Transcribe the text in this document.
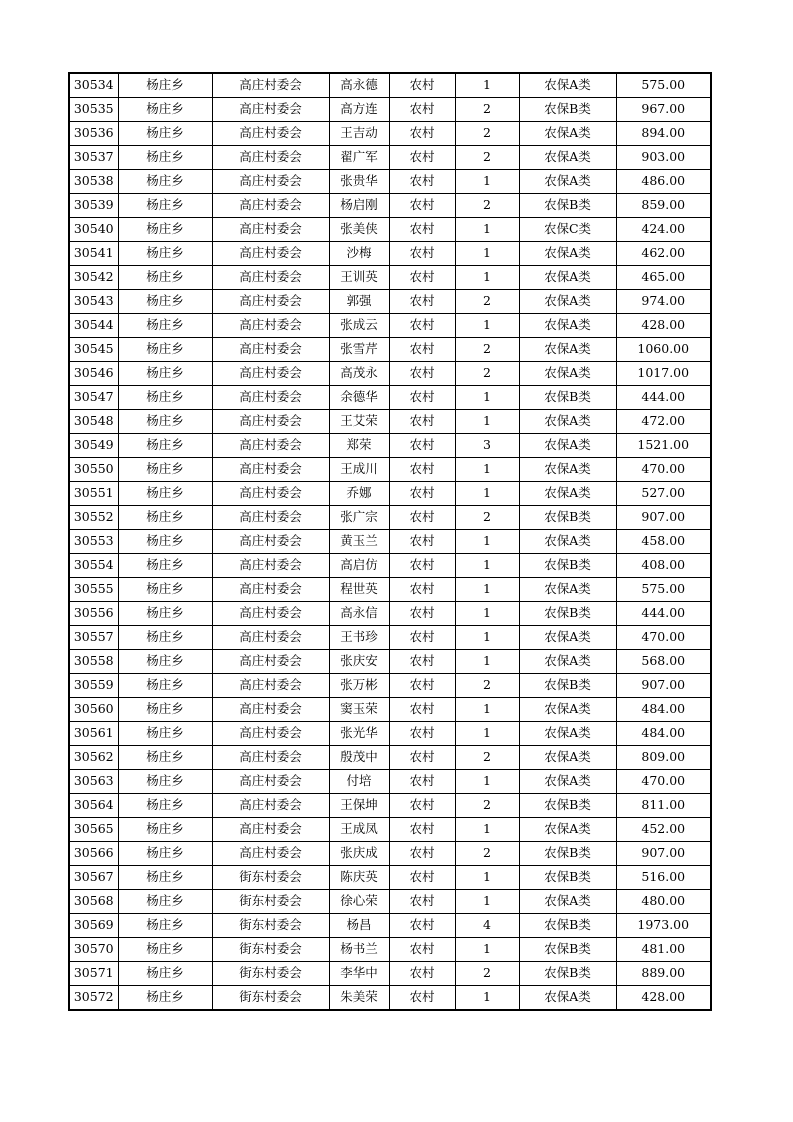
30534	杨庄乡	高庄村委会	高永德	农村	1	农保A类	575.00
30535	杨庄乡	高庄村委会	高方连	农村	2	农保B类	967.00
30536	杨庄乡	高庄村委会	王吉动	农村	2	农保A类	894.00
30537	杨庄乡	高庄村委会	翟广军	农村	2	农保A类	903.00
30538	杨庄乡	高庄村委会	张贵华	农村	1	农保A类	486.00
30539	杨庄乡	高庄村委会	杨启刚	农村	2	农保B类	859.00
30540	杨庄乡	高庄村委会	张美侠	农村	1	农保C类	424.00
30541	杨庄乡	高庄村委会	沙梅	农村	1	农保A类	462.00
30542	杨庄乡	高庄村委会	王训英	农村	1	农保A类	465.00
30543	杨庄乡	高庄村委会	郭强	农村	2	农保A类	974.00
30544	杨庄乡	高庄村委会	张成云	农村	1	农保A类	428.00
30545	杨庄乡	高庄村委会	张雪芹	农村	2	农保A类	1060.00
30546	杨庄乡	高庄村委会	高茂永	农村	2	农保A类	1017.00
30547	杨庄乡	高庄村委会	余德华	农村	1	农保B类	444.00
30548	杨庄乡	高庄村委会	王艾荣	农村	1	农保A类	472.00
30549	杨庄乡	高庄村委会	郑荣	农村	3	农保A类	1521.00
30550	杨庄乡	高庄村委会	王成川	农村	1	农保A类	470.00
30551	杨庄乡	高庄村委会	乔娜	农村	1	农保A类	527.00
30552	杨庄乡	高庄村委会	张广宗	农村	2	农保B类	907.00
30553	杨庄乡	高庄村委会	黄玉兰	农村	1	农保A类	458.00
30554	杨庄乡	高庄村委会	高启仿	农村	1	农保B类	408.00
30555	杨庄乡	高庄村委会	程世英	农村	1	农保A类	575.00
30556	杨庄乡	高庄村委会	高永信	农村	1	农保B类	444.00
30557	杨庄乡	高庄村委会	王书珍	农村	1	农保A类	470.00
30558	杨庄乡	高庄村委会	张庆安	农村	1	农保A类	568.00
30559	杨庄乡	高庄村委会	张万彬	农村	2	农保B类	907.00
30560	杨庄乡	高庄村委会	窦玉荣	农村	1	农保A类	484.00
30561	杨庄乡	高庄村委会	张光华	农村	1	农保A类	484.00
30562	杨庄乡	高庄村委会	殷茂中	农村	2	农保A类	809.00
30563	杨庄乡	高庄村委会	付培	农村	1	农保A类	470.00
30564	杨庄乡	高庄村委会	王保坤	农村	2	农保B类	811.00
30565	杨庄乡	高庄村委会	王成凤	农村	1	农保A类	452.00
30566	杨庄乡	高庄村委会	张庆成	农村	2	农保B类	907.00
30567	杨庄乡	街东村委会	陈庆英	农村	1	农保B类	516.00
30568	杨庄乡	街东村委会	徐心荣	农村	1	农保A类	480.00
30569	杨庄乡	街东村委会	杨昌	农村	4	农保B类	1973.00
30570	杨庄乡	街东村委会	杨书兰	农村	1	农保B类	481.00
30571	杨庄乡	街东村委会	李华中	农村	2	农保B类	889.00
30572	杨庄乡	街东村委会	朱美荣	农村	1	农保A类	428.00
